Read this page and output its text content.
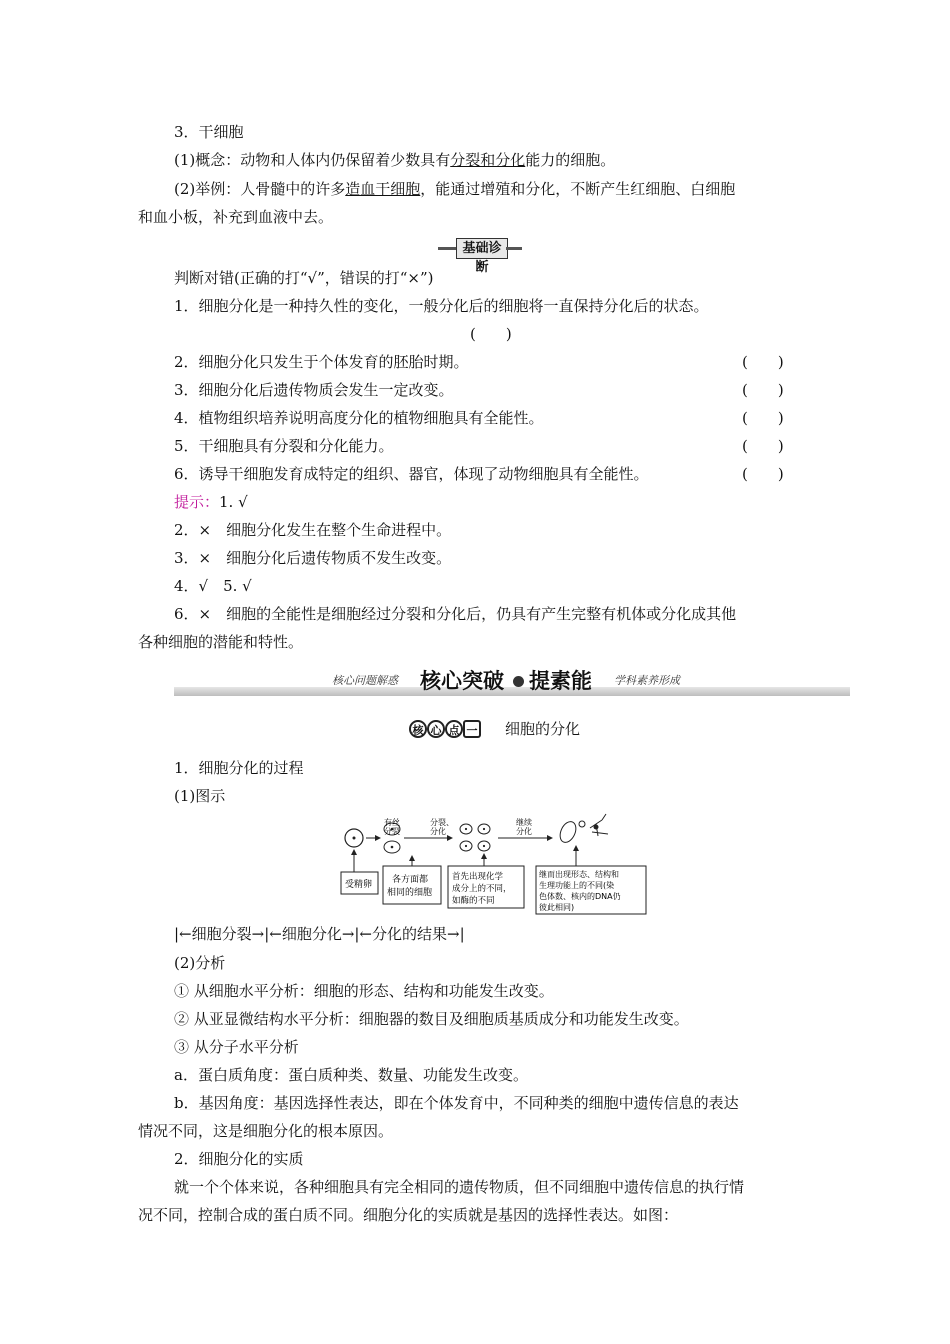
3．干细胞
(1)概念：动物和人体内仍保留着少数具有分裂和分化能力的细胞。
(2)举例：人骨髓中的许多造血干细胞，能通过增殖和分化，不断产生红细胞、白细胞
和血小板，补充到血液中去。
基础诊断
判断对错(正确的打“√”，错误的打“×”)
1．细胞分化是一种持久性的变化，一般分化后的细胞将一直保持分化后的状态。
(　　)
2．细胞分化只发生于个体发育的胚胎时期。	(　　)
3．细胞分化后遗传物质会发生一定改变。	(　　)
4．植物组织培养说明高度分化的植物细胞具有全能性。	(　　)
5．干细胞具有分裂和分化能力。	(　　)
6．诱导干细胞发育成特定的组织、器官，体现了动物细胞具有全能性。	(　　)
提示：1. √
2．×　细胞分化发生在整个生命进程中。
3．×　细胞分化后遗传物质不发生改变。
4．√　5. √
6．×　细胞的全能性是细胞经过分裂和分化后，仍具有产生完整有机体或分化成其他
各种细胞的潜能和特性。
核心问题解惑 核心突破 提素能 学科素养形成
核 心 点 一 细胞的分化
1．细胞分化的过程
(1)图示
有丝
分裂
分裂、
分化
继续
分化
受精卵 各方面都
相同的细胞
首先出现化学
成分上的不同，
如酶的不同
继而出现形态、结构和
生理功能上的不同(染
色体数、核内的DNA仍
彼此相同)
|←细胞分裂→|←细胞分化→|←分化的结果→|
(2)分析
① 从细胞水平分析：细胞的形态、结构和功能发生改变。
② 从亚显微结构水平分析：细胞器的数目及细胞质基质成分和功能发生改变。
③ 从分子水平分析
a．蛋白质角度：蛋白质种类、数量、功能发生改变。
b．基因角度：基因选择性表达，即在个体发育中，不同种类的细胞中遗传信息的表达
情况不同，这是细胞分化的根本原因。
2．细胞分化的实质
就一个个体来说，各种细胞具有完全相同的遗传物质，但不同细胞中遗传信息的执行情
况不同，控制合成的蛋白质不同。细胞分化的实质就是基因的选择性表达。如图：
